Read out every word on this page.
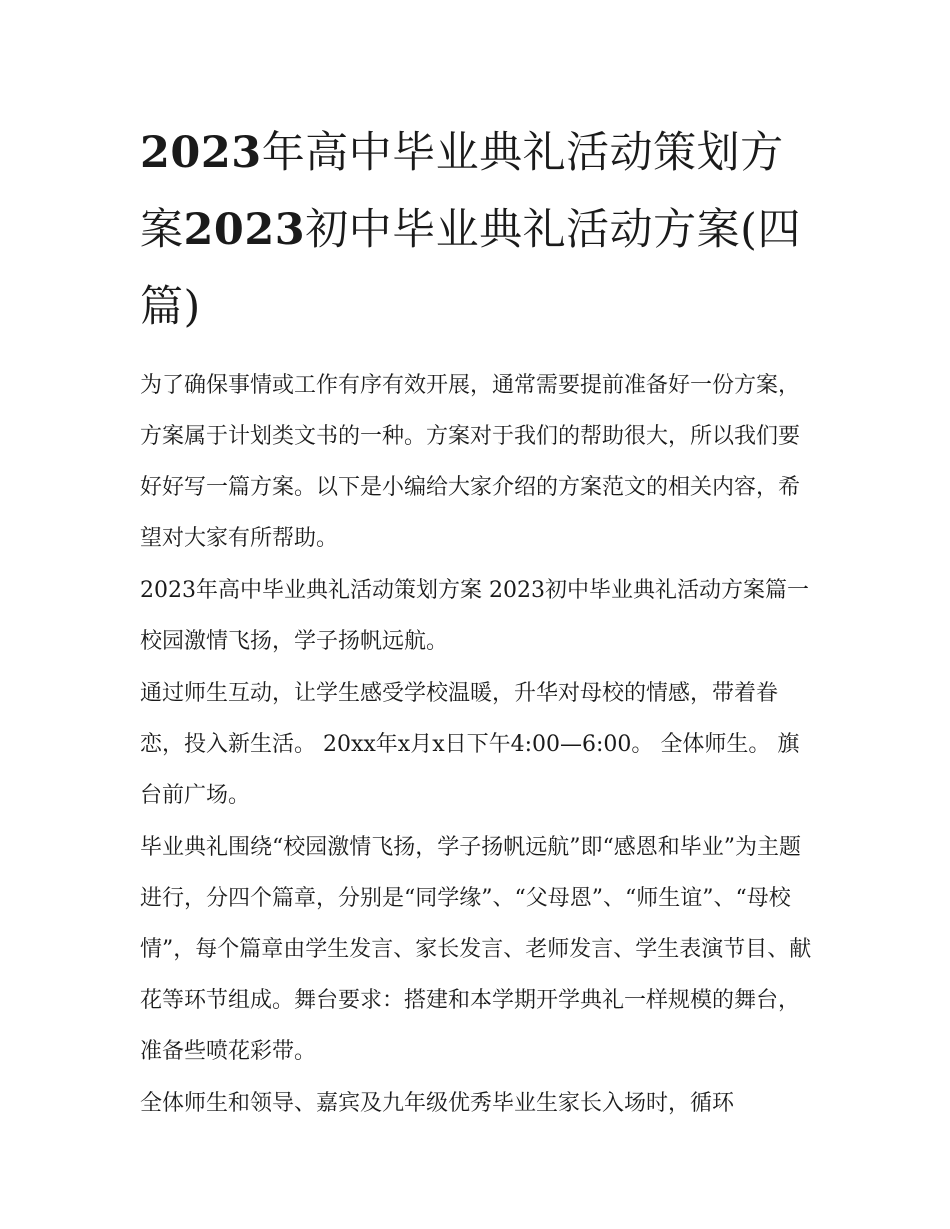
2023年高中毕业典礼活动策划方案2023初中毕业典礼活动方案(四篇)

为了确保事情或工作有序有效开展，通常需要提前准备好一份方案，方案属于计划类文书的一种。方案对于我们的帮助很大，所以我们要好好写一篇方案。以下是小编给大家介绍的方案范文的相关内容，希望对大家有所帮助。

2023年高中毕业典礼活动策划方案 2023初中毕业典礼活动方案篇一 校园激情飞扬，学子扬帆远航。

通过师生互动，让学生感受学校温暖，升华对母校的情感，带着眷恋，投入新生活。 20xx年x月x日下午4:00—6:00。 全体师生。 旗台前广场。

毕业典礼围绕“校园激情飞扬，学子扬帆远航”即“感恩和毕业”为主题进行，分四个篇章，分别是“同学缘”、“父母恩”、“师生谊”、“母校情”，每个篇章由学生发言、家长发言、老师发言、学生表演节目、献花等环节组成。舞台要求：搭建和本学期开学典礼一样规模的舞台，准备些喷花彩带。

全体师生和领导、嘉宾及九年级优秀毕业生家长入场时，循环
